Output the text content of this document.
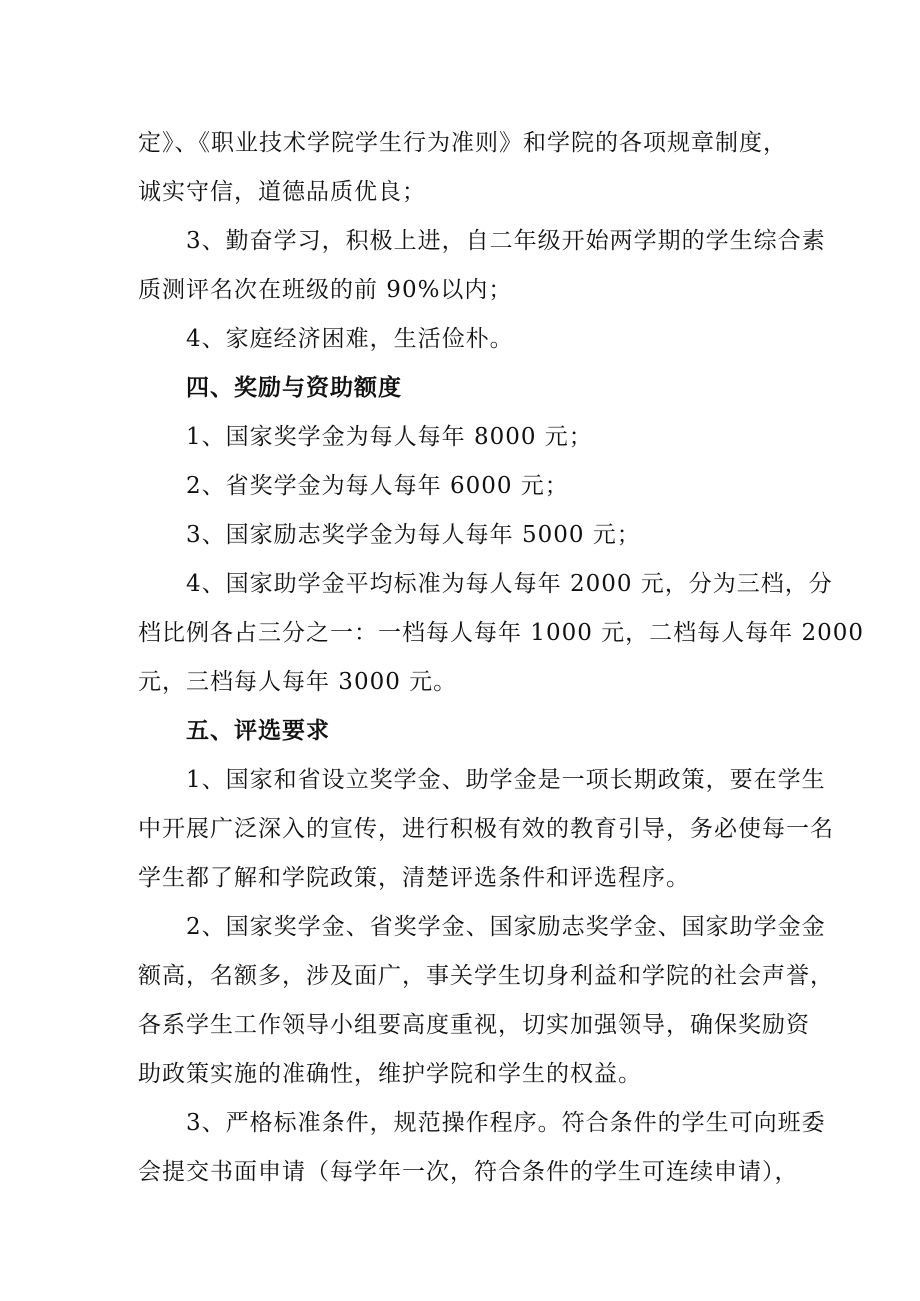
定》、《职业技术学院学生行为准则》和学院的各项规章制度，
诚实守信，道德品质优良；
3、勤奋学习，积极上进，自二年级开始两学期的学生综合素
质测评名次在班级的前 90%以内；
4、家庭经济困难，生活俭朴。
四、奖励与资助额度
1、国家奖学金为每人每年 8000 元；
2、省奖学金为每人每年 6000 元；
3、国家励志奖学金为每人每年 5000 元；
4、国家助学金平均标准为每人每年 2000 元，分为三档，分
档比例各占三分之一：一档每人每年 1000 元，二档每人每年 2000
元，三档每人每年 3000 元。
五、评选要求
1、国家和省设立奖学金、助学金是一项长期政策，要在学生
中开展广泛深入的宣传，进行积极有效的教育引导，务必使每一名
学生都了解和学院政策，清楚评选条件和评选程序。
2、国家奖学金、省奖学金、国家励志奖学金、国家助学金金
额高，名额多，涉及面广，事关学生切身利益和学院的社会声誉，
各系学生工作领导小组要高度重视，切实加强领导，确保奖励资
助政策实施的准确性，维护学院和学生的权益。
3、严格标准条件，规范操作程序。符合条件的学生可向班委
会提交书面申请（每学年一次，符合条件的学生可连续申请），
